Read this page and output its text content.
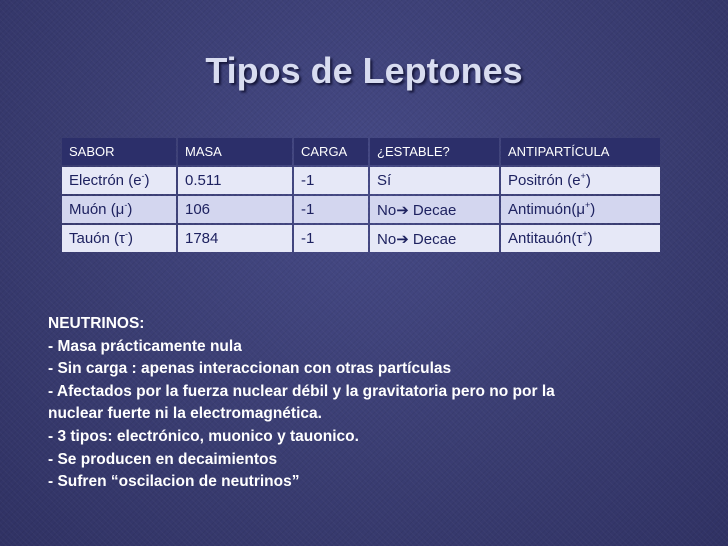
Tipos de Leptones
SABOR	MASA	CARGA	¿ESTABLE?	ANTIPARTÍCULA
Electrón (e-)	0.511	-1	Sí	Positrón (e+)
Muón (μ-)	106	-1	No➔ Decae	Antimuón(μ+)
Tauón (τ-)	1784	-1	No➔ Decae	Antitauón(τ+)
NEUTRINOS:
- Masa prácticamente nula
- Sin carga : apenas interaccionan con otras partículas
- Afectados por la fuerza nuclear débil y la gravitatoria pero no por la
nuclear fuerte ni la electromagnética.
- 3 tipos: electrónico, muonico y tauonico.
- Se producen en decaimientos
- Sufren “oscilacion de neutrinos”
